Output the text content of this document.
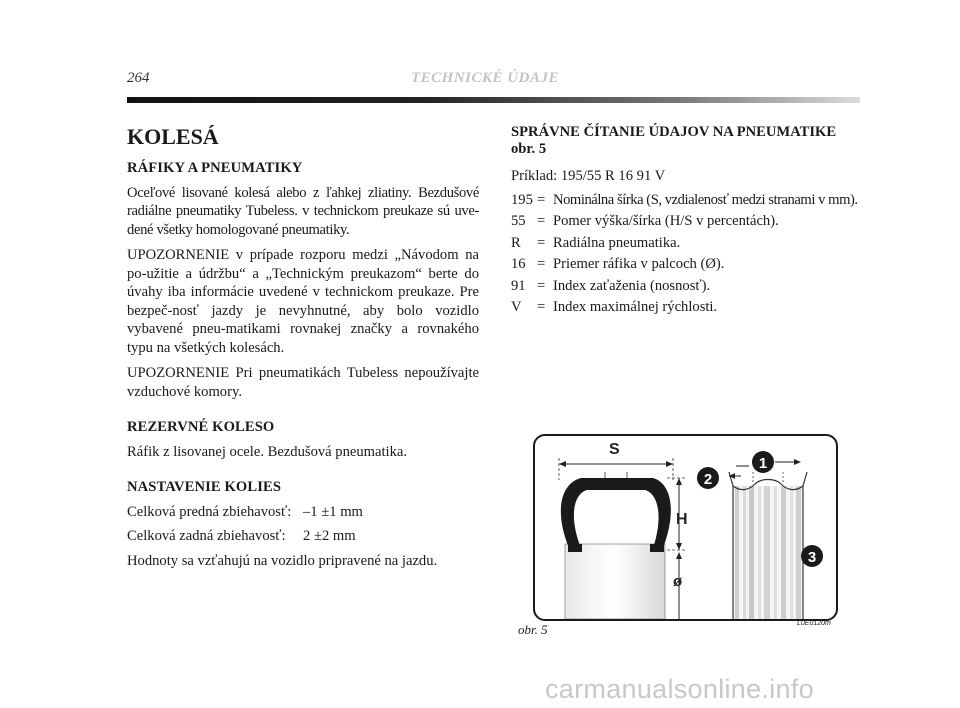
264	TECHNICKÉ ÚDAJE
KOLESÁ
RÁFIKY A PNEUMATIKY

Oceľové lisované kolesá alebo z ľahkej zliatiny. Bezdušové radiálne pneumatiky Tubeless. v technickom preukaze sú uve-dené všetky homologované pneumatiky.

UPOZORNENIE v prípade rozporu medzi „Návodom na po-užitie a údržbu“ a „Technickým preukazom“ berte do úvahy iba informácie uvedené v technickom preukaze. Pre bezpeč-nosť jazdy je nevyhnutné, aby bolo vozidlo vybavené pneu-matikami rovnakej značky a rovnakého typu na všetkých kolesách.

UPOZORNENIE Pri pneumatikách Tubeless nepoužívajte vzduchové komory.

REZERVNÉ KOLESO

Ráfik z lisovanej ocele. Bezdušová pneumatika.

NASTAVENIE KOLIES
Celková predná zbiehavosť: –1 ±1 mm
Celková zadná zbiehavosť:	2 ±2 mm

Hodnoty sa vzťahujú na vozidlo pripravené na jazdu.

SPRÁVNE ČÍTANIE ÚDAJOV NA PNEUMATIKE
obr. 5
Príklad: 195/55 R 16 91 V
195 = Nominálna šírka (S, vzdialenosť medzi stranami v mm).
55 = Pomer výška/šírka (H/S v percentách).
R	= Radiálna pneumatika.
16 = Priemer ráfika v palcoch (Ø).
91 = Index zaťaženia (nosnosť).
V	= Index maximálnej rýchlosti.
S
H
ø
2
1
3
obr. 5	L0E0120m
carmanualsonline.info
